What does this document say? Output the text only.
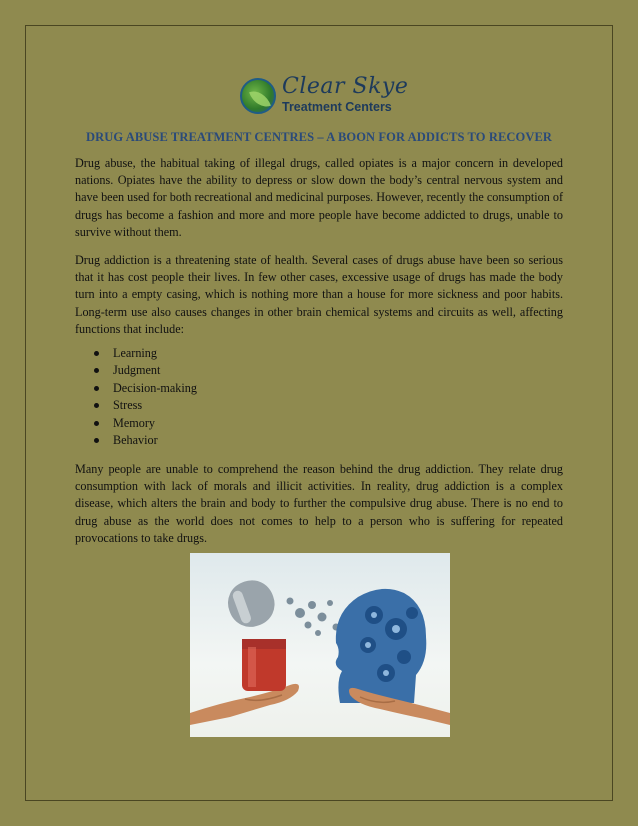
Clear Skye
Treatment Centers
DRUG ABUSE TREATMENT CENTRES – A BOON FOR ADDICTS TO RECOVER
Drug abuse, the habitual taking of illegal drugs, called opiates is a major concern in developed nations. Opiates have the ability to depress or slow down the body’s central nervous system and have been used for both recreational and medicinal purposes. However, recently the consumption of drugs has become a fashion and more and more people have become addicted to drugs, unable to survive without them.
Drug addiction is a threatening state of health. Several cases of drugs abuse have been so serious that it has cost people their lives. In few other cases, excessive usage of drugs has made the body turn into a empty casing, which is nothing more than a house for more sickness and poor habits. Long-term use also causes changes in other brain chemical systems and circuits as well, affecting functions that include:
Learning
Judgment
Decision-making
Stress
Memory
Behavior
Many people are unable to comprehend the reason behind the drug addiction. They relate drug consumption with lack of morals and illicit activities. In reality, drug addiction is a complex disease, which alters the brain and body to further the compulsive drug abuse. There is no end to drug abuse as the world does not comes to help to a person who is suffering for repeated provocations to take drugs.
